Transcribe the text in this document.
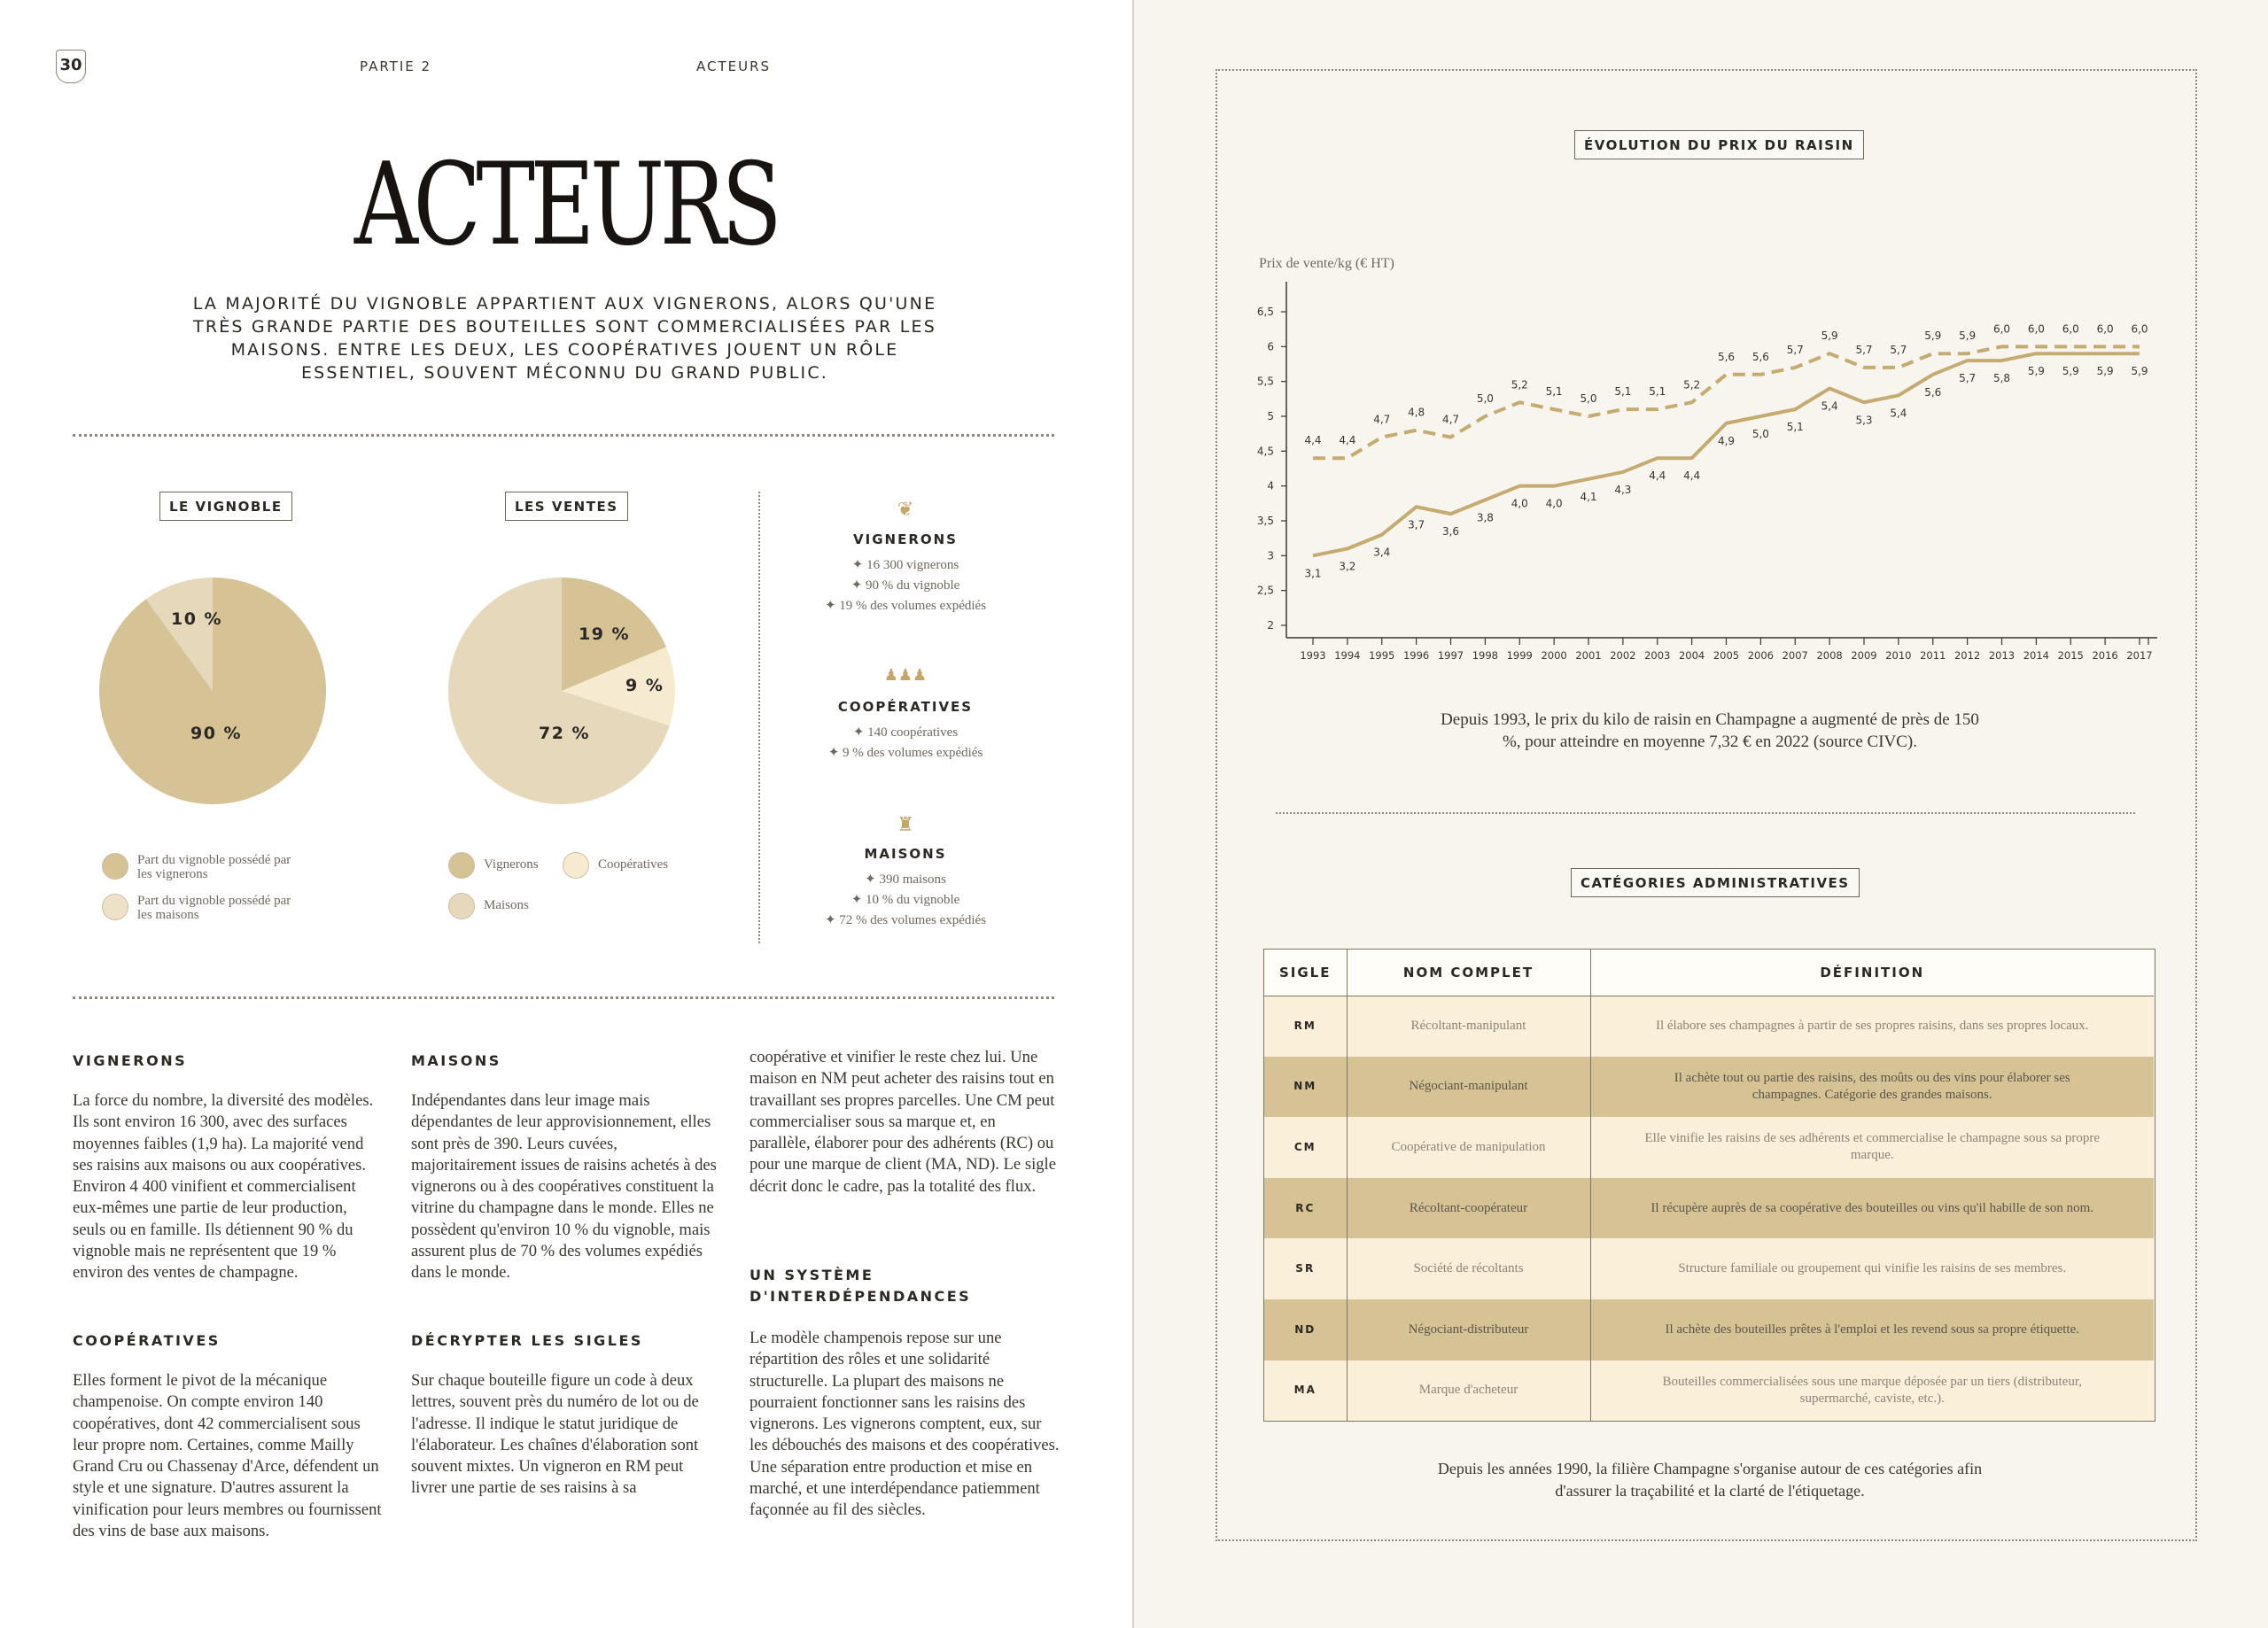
30	PARTIE 2	ACTEURS
ACTEURS
LA MAJORITÉ DU VIGNOBLE APPARTIENT AUX VIGNERONS, ALORS QU'UNE TRÈS GRANDE PARTIE DES BOUTEILLES SONT COMMERCIALISÉES PAR LES MAISONS. ENTRE LES DEUX, LES COOPÉRATIVES JOUENT UN RÔLE ESSENTIEL, SOUVENT MÉCONNU DU GRAND PUBLIC.
LE VIGNOBLE
10 %
90 %
Part du vignoble possédé par les vignerons
Part du vignoble possédé par les maisons
LES VENTES
19 %
9 %
72 %
Vignerons	Coopératives
Maisons
❦
VIGNERONS
✦ 16 300 vignerons
✦ 90 % du vignoble
✦ 19 % des volumes expédiés
♟♟♟
COOPÉRATIVES
✦ 140 coopératives
✦ 9 % des volumes expédiés
♜
MAISONS
✦ 390 maisons
✦ 10 % du vignoble
✦ 72 % des volumes expédiés
VIGNERONS
La force du nombre, la diversité des modèles. Ils sont environ 16 300, avec des surfaces moyennes faibles (1,9 ha). La majorité vend ses raisins aux maisons ou aux coopératives. Environ 4 400 vinifient et commercialisent eux-mêmes une partie de leur production, seuls ou en famille. Ils détiennent 90 % du vignoble mais ne représentent que 19 % environ des ventes de champagne.
COOPÉRATIVES
Elles forment le pivot de la mécanique champenoise. On compte environ 140 coopératives, dont 42 commercialisent sous leur propre nom. Certaines, comme Mailly Grand Cru ou Chassenay d'Arce, défendent un style et une signature. D'autres assurent la vinification pour leurs membres ou fournissent des vins de base aux maisons.
MAISONS
Indépendantes dans leur image mais dépendantes de leur approvisionnement, elles sont près de 390. Leurs cuvées, majoritairement issues de raisins achetés à des vignerons ou à des coopératives constituent la vitrine du champagne dans le monde. Elles ne possèdent qu'environ 10 % du vignoble, mais assurent plus de 70 % des volumes expédiés dans le monde.
DÉCRYPTER LES SIGLES
Sur chaque bouteille figure un code à deux lettres, souvent près du numéro de lot ou de l'adresse. Il indique le statut juridique de l'élaborateur. Les chaînes d'élaboration sont souvent mixtes. Un vigneron en RM peut livrer une partie de ses raisins à sa
coopérative et vinifier le reste chez lui. Une maison en NM peut acheter des raisins tout en travaillant ses propres parcelles. Une CM peut commercialiser sous sa marque et, en parallèle, élaborer pour des adhérents (RC) ou pour une marque de client (MA, ND). Le sigle décrit donc le cadre, pas la totalité des flux.
UN SYSTÈME D'INTERDÉPENDANCES
Le modèle champenois repose sur une répartition des rôles et une solidarité structurelle. La plupart des maisons ne pourraient fonctionner sans les raisins des vignerons. Les vignerons comptent, eux, sur les débouchés des maisons et des coopératives. Une séparation entre production et mise en marché, et une interdépendance patiemment façonnée au fil des siècles.
ÉVOLUTION DU PRIX DU RAISIN
Prix de vente/kg (€ HT)
2
2,5
3
3,5
4
4,5
5
5,5
6
6,5
1993 1994 1995 1996 1997 1998 1999 2000 2001 2002 2003 2004 2005 2006 2007 2008 2009 2010 2011 2012 2013 2014 2015 2016 2017
4,4 4,4
4,7
4,8
4,7
5,0
5,2
5,1
5,0
5,1 5,1
5,2
5,6 5,6
5,7
5,9
5,7 5,7
5,9 5,9
6,0 6,0 6,0 6,0 6,0
3,1
3,2
3,4
3,7
3,6
3,8
4,0 4,0
4,1
4,3
4,4 4,4
4,9
5,0
5,1
5,4
5,3
5,4
5,6
5,7 5,8
5,9 5,9 5,9 5,9
Depuis 1993, le prix du kilo de raisin en Champagne a augmenté de près de 150 %, pour atteindre en moyenne 7,32 € en 2022 (source CIVC).
CATÉGORIES ADMINISTRATIVES
SIGLE	NOM COMPLET	DÉFINITION
RM	Récoltant-manipulant	Il élabore ses champagnes à partir de ses propres raisins, dans ses propres locaux.
NM	Négociant-manipulant	Il achète tout ou partie des raisins, des moûts ou des vins pour élaborer ses champagnes. Catégorie des grandes maisons.
CM	Coopérative de manipulation	Elle vinifie les raisins de ses adhérents et commercialise le champagne sous sa propre marque.
RC	Récoltant-coopérateur	Il récupère auprès de sa coopérative des bouteilles ou vins qu'il habille de son nom.
SR	Société de récoltants	Structure familiale ou groupement qui vinifie les raisins de ses membres.
ND	Négociant-distributeur	Il achète des bouteilles prêtes à l'emploi et les revend sous sa propre étiquette.
MA	Marque d'acheteur	Bouteilles commercialisées sous une marque déposée par un tiers (distributeur, supermarché, caviste, etc.).
Depuis les années 1990, la filière Champagne s'organise autour de ces catégories afin d'assurer la traçabilité et la clarté de l'étiquetage.
